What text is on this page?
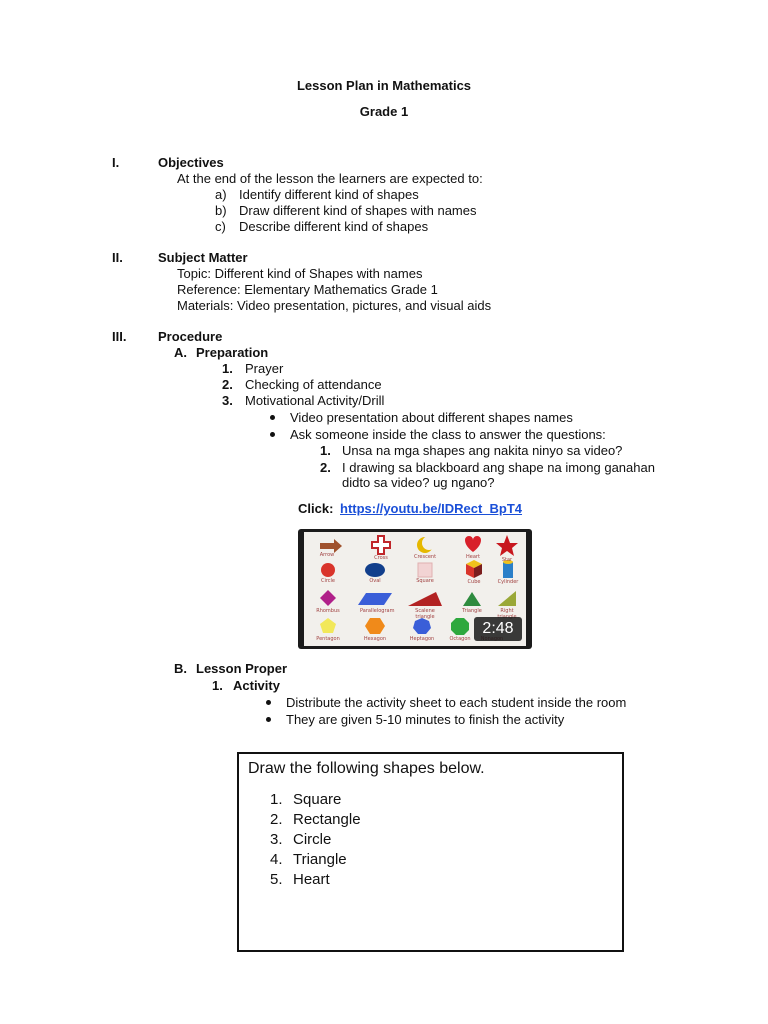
Lesson Plan in Mathematics
Grade 1
I.	Objectives
At the end of the lesson the learners are expected to:
a) Identify different kind of shapes
b) Draw different kind of shapes with names
c) Describe different kind of shapes
II.	Subject Matter
Topic: Different kind of Shapes with names
Reference: Elementary Mathematics Grade 1
Materials: Video presentation, pictures, and visual aids
III. Procedure
A. Preparation
1. Prayer
2. Checking of attendance
3. Motivational Activity/Drill
Video presentation about different shapes names
Ask someone inside the class to answer the questions:
1. Unsa na mga shapes ang nakita ninyo sa video?
2. I drawing sa blackboard ang shape na imong ganahan
didto sa video? ug ngano?
Click: https://youtu.be/IDRect_BpT4
Arrow	Cross	Crescent	Heart	Star
Circle	Oval	Square	Cube	Cylinder
Rhombus	Parallelogram	Scalene triangle
Triangle	Right
Pentagon	Hexagon	Heptagon	Octagon
2:48
B. Lesson Proper
1. Activity
Distribute the activity sheet to each student inside the room
They are given 5-10 minutes to finish the activity
Draw the following shapes below.
1. Square
2. Rectangle
3. Circle
4. Triangle
5. Heart
